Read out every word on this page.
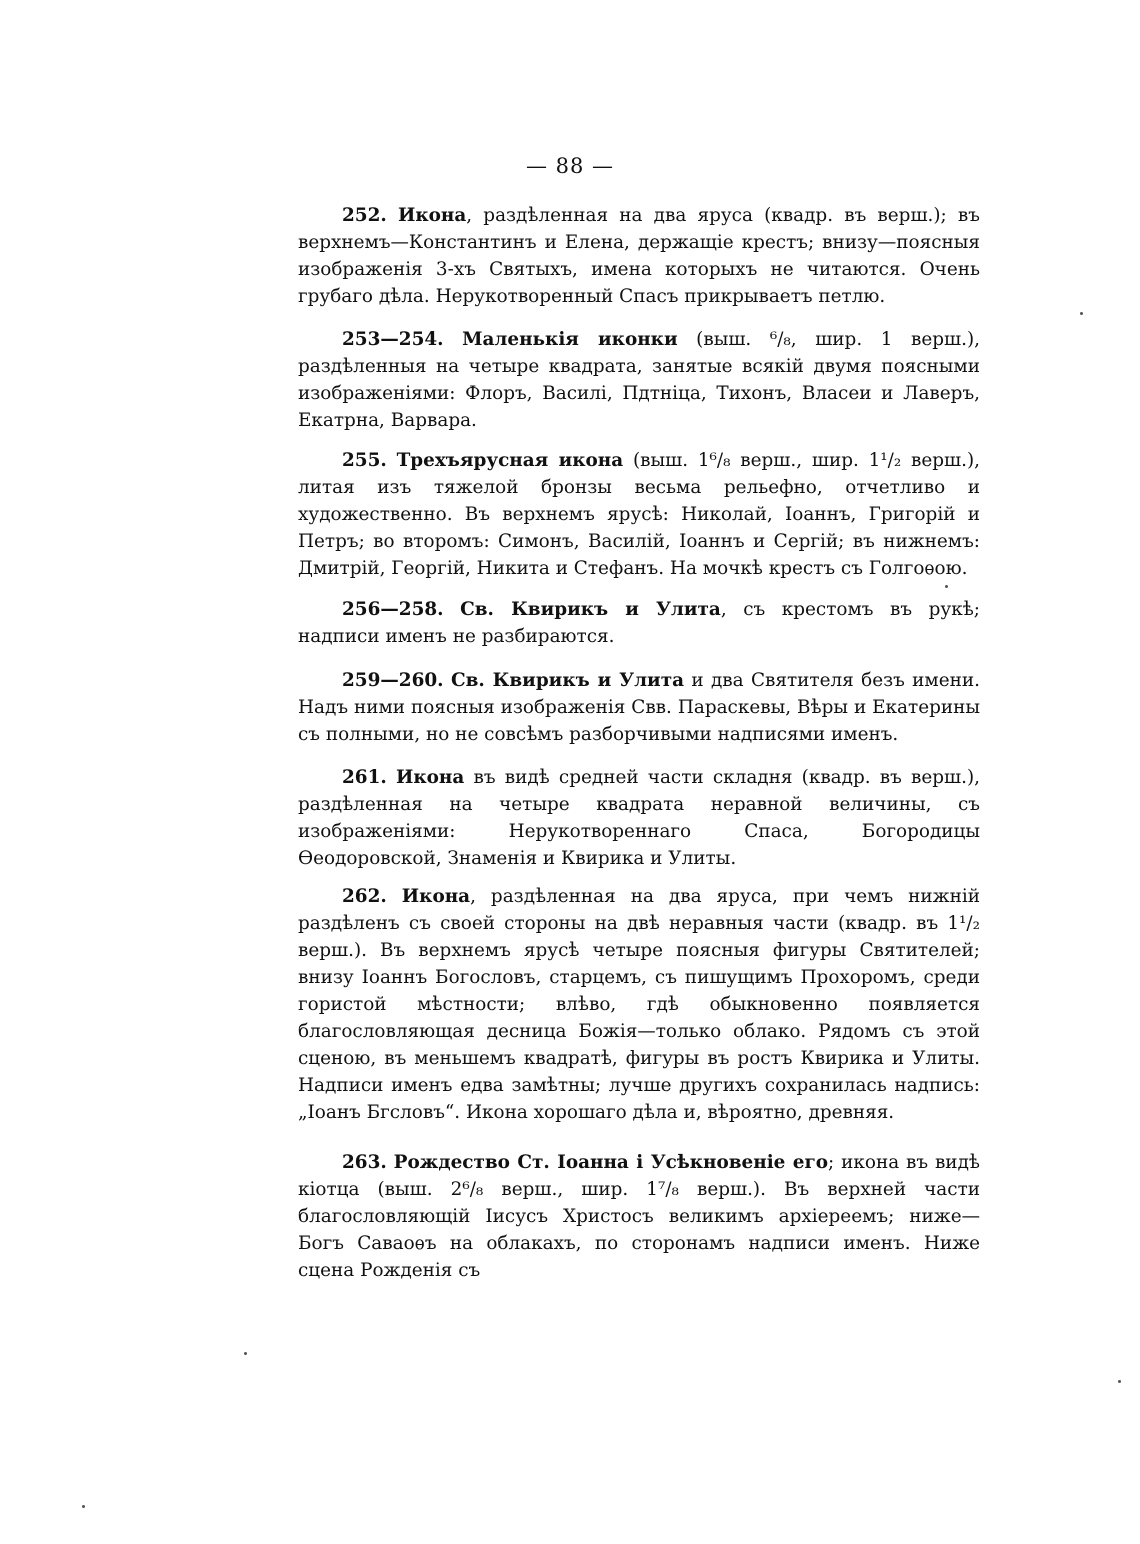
— 88 —

252. Икона, раздѣленная на два яруса (квадр. въ верш.); въ верхнемъ—Константинъ и Елена, держащіе крестъ; внизу—поясныя изображенія 3-хъ Святыхъ, имена которыхъ не читаются. Очень грубаго дѣла. Нерукотворенный Спасъ прикрываетъ петлю.

253—254. Маленькія иконки (выш. ⁶/₈, шир. 1 верш.), раздѣленныя на четыре квадрата, занятые всякій двумя поясными изображеніями: Флоръ, Василі, Пдтніца, Тихонъ, Власеи и Лаверъ, Екатрна, Варвара.

255. Трехъярусная икона (выш. 1⁶/₈ верш., шир. 1¹/₂ верш.), литая изъ тяжелой бронзы весьма рельефно, отчетливо и художественно. Въ верхнемъ ярусѣ: Николай, Іоаннъ, Григорій и Петръ; во второмъ: Симонъ, Василій, Іоаннъ и Сергій; въ нижнемъ: Дмитрій, Георгій, Никита и Стефанъ. На мочкѣ крестъ съ Голгоѳою.

256—258. Св. Квирикъ и Улита, съ крестомъ въ рукѣ; надписи именъ не разбираются.

259—260. Св. Квирикъ и Улита и два Святителя безъ имени. Надъ ними поясныя изображенія Свв. Параскевы, Вѣры и Екатерины съ полными, но не совсѣмъ разборчивыми надписями именъ.

261. Икона въ видѣ средней части складня (квадр. въ верш.), раздѣленная на четыре квадрата неравной величины, съ изображеніями: Нерукотвореннаго Спаса, Богородицы Ѳеодоровской, Знаменія и Квирика и Улиты.

262. Икона, раздѣленная на два яруса, при чемъ нижній раздѣленъ съ своей стороны на двѣ неравныя части (квадр. въ 1¹/₂ верш.). Въ верхнемъ ярусѣ четыре поясныя фигуры Святителей; внизу Іоаннъ Богословъ, старцемъ, съ пишущимъ Прохоромъ, среди гористой мѣстности; влѣво, гдѣ обыкновенно появляется благословляющая десница Божія—только облако. Рядомъ съ этой сценою, въ меньшемъ квадратѣ, фигуры въ ростъ Квирика и Улиты. Надписи именъ едва замѣтны; лучше другихъ сохранилась надпись: „Іоанъ Бгсловъ“. Икона хорошаго дѣла и, вѣроятно, древняя.

263. Рождество Ст. Іоанна і Усѣкновеніе его; икона въ видѣ кіотца (выш. 2⁶/₈ верш., шир. 1⁷/₈ верш.). Въ верхней части благословляющій Іисусъ Христосъ великимъ архіереемъ; ниже—Богъ Саваоѳъ на облакахъ, по сторонамъ надписи именъ. Ниже сцена Рожденія съ
